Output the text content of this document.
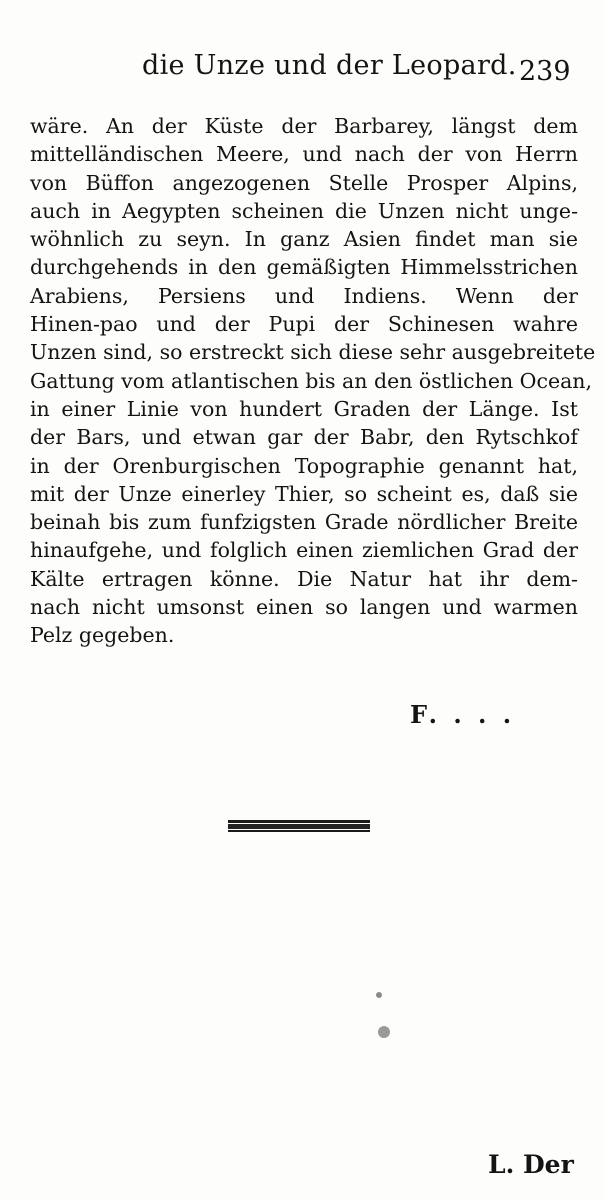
die Unze und der Leopard. 239
wäre. An der Küste der Barbarey, längst dem
mittelländischen Meere, und nach der von Herrn
von Büffon angezogenen Stelle Prosper Alpins,
auch in Aegypten scheinen die Unzen nicht unge-
wöhnlich zu seyn. In ganz Asien findet man sie
durchgehends in den gemäßigten Himmelsstrichen
Arabiens, Persiens und Indiens. Wenn der
Hinen-pao und der Pupi der Schinesen wahre
Unzen sind, so erstreckt sich diese sehr ausgebreitete
Gattung vom atlantischen bis an den östlichen Ocean,
in einer Linie von hundert Graden der Länge. Ist
der Bars, und etwan gar der Babr, den Rytschkof
in der Orenburgischen Topographie genannt hat,
mit der Unze einerley Thier, so scheint es, daß sie
beinah bis zum funfzigsten Grade nördlicher Breite
hinaufgehe, und folglich einen ziemlichen Grad der
Kälte ertragen könne. Die Natur hat ihr dem-
nach nicht umsonst einen so langen und warmen
Pelz gegeben.
F. . . .
L. Der
